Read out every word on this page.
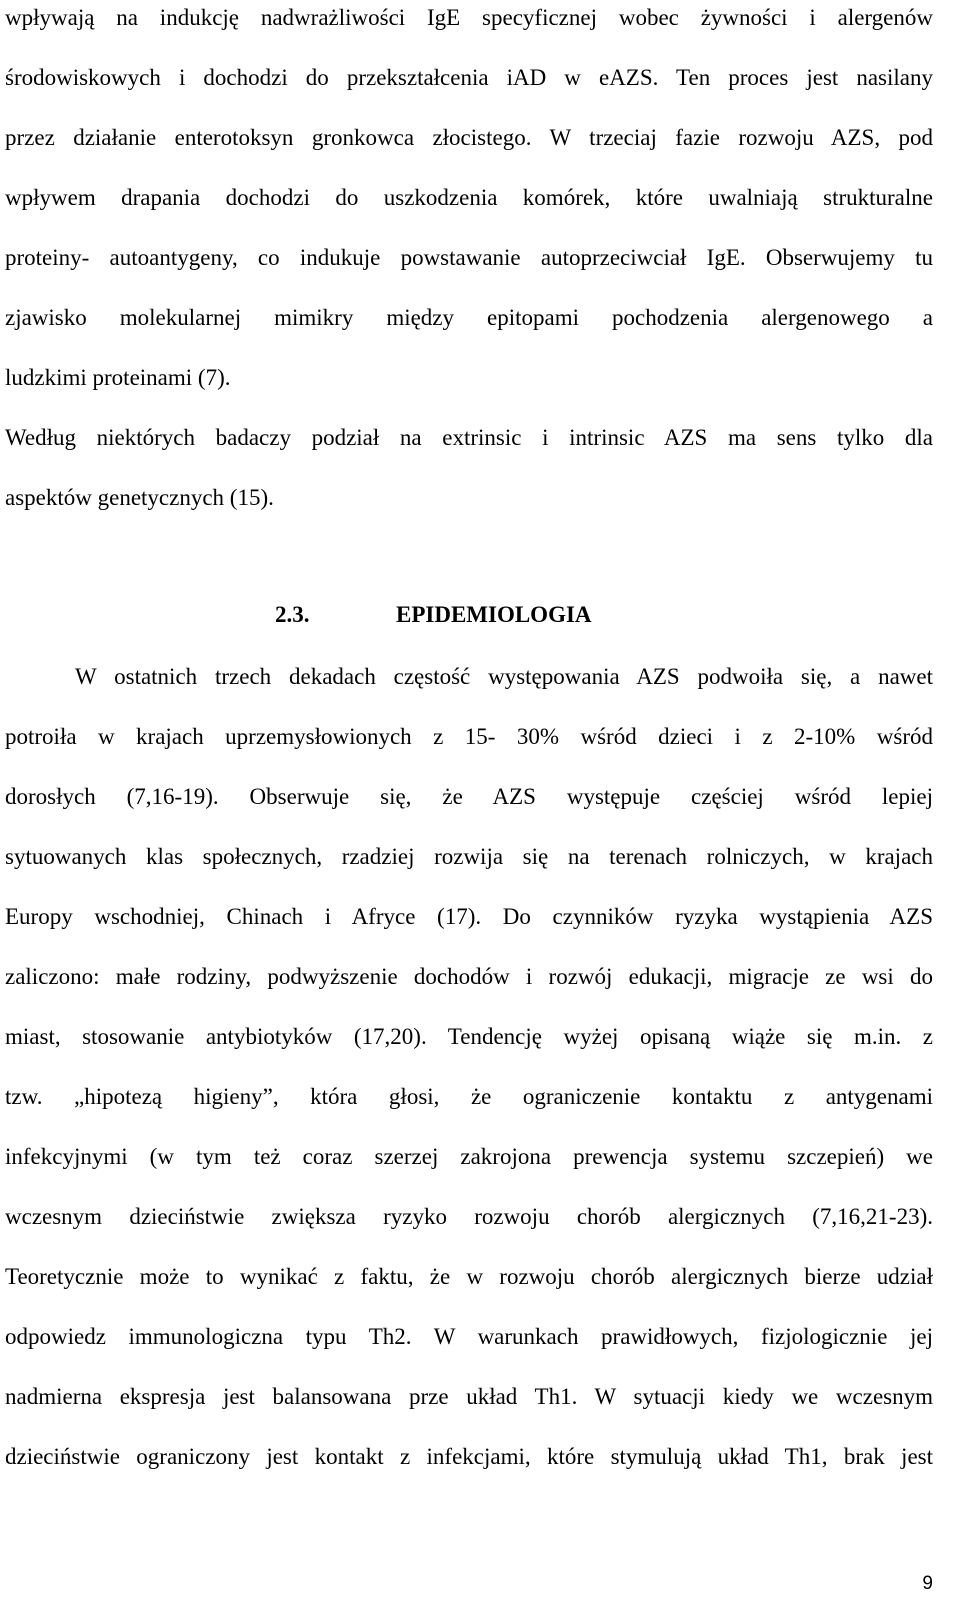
wpływają na indukcję nadwrażliwości IgE specyficznej wobec żywności i alergenów
środowiskowych i dochodzi do przekształcenia iAD w eAZS. Ten proces jest nasilany
przez działanie enterotoksyn gronkowca złocistego. W trzeciaj fazie rozwoju AZS, pod
wpływem drapania dochodzi do uszkodzenia komórek, które uwalniają strukturalne
proteiny- autoantygeny, co indukuje powstawanie autoprzeciwciał IgE. Obserwujemy tu
zjawisko molekularnej mimikry między epitopami pochodzenia alergenowego a
ludzkimi proteinami (7).
Według niektórych badaczy podział na extrinsic i intrinsic AZS ma sens tylko dla
aspektów genetycznych (15).
2.3.	EPIDEMIOLOGIA
W ostatnich trzech dekadach częstość występowania AZS podwoiła się, a nawet
potroiła w krajach uprzemysłowionych z 15- 30% wśród dzieci i z 2-10% wśród
dorosłych (7,16-19). Obserwuje się, że AZS występuje częściej wśród lepiej
sytuowanych klas społecznych, rzadziej rozwija się na terenach rolniczych, w krajach
Europy wschodniej, Chinach i Afryce (17). Do czynników ryzyka wystąpienia AZS
zaliczono: małe rodziny, podwyższenie dochodów i rozwój edukacji, migracje ze wsi do
miast, stosowanie antybiotyków (17,20). Tendencję wyżej opisaną wiąże się m.in. z
tzw. „hipotezą higieny”, która głosi, że ograniczenie kontaktu z antygenami
infekcyjnymi (w tym też coraz szerzej zakrojona prewencja systemu szczepień) we
wczesnym dzieciństwie zwiększa ryzyko rozwoju chorób alergicznych (7,16,21-23).
Teoretycznie może to wynikać z faktu, że w rozwoju chorób alergicznych bierze udział
odpowiedz immunologiczna typu Th2. W warunkach prawidłowych, fizjologicznie jej
nadmierna ekspresja jest balansowana prze układ Th1. W sytuacji kiedy we wczesnym
dzieciństwie ograniczony jest kontakt z infekcjami, które stymulują układ Th1, brak jest
9
